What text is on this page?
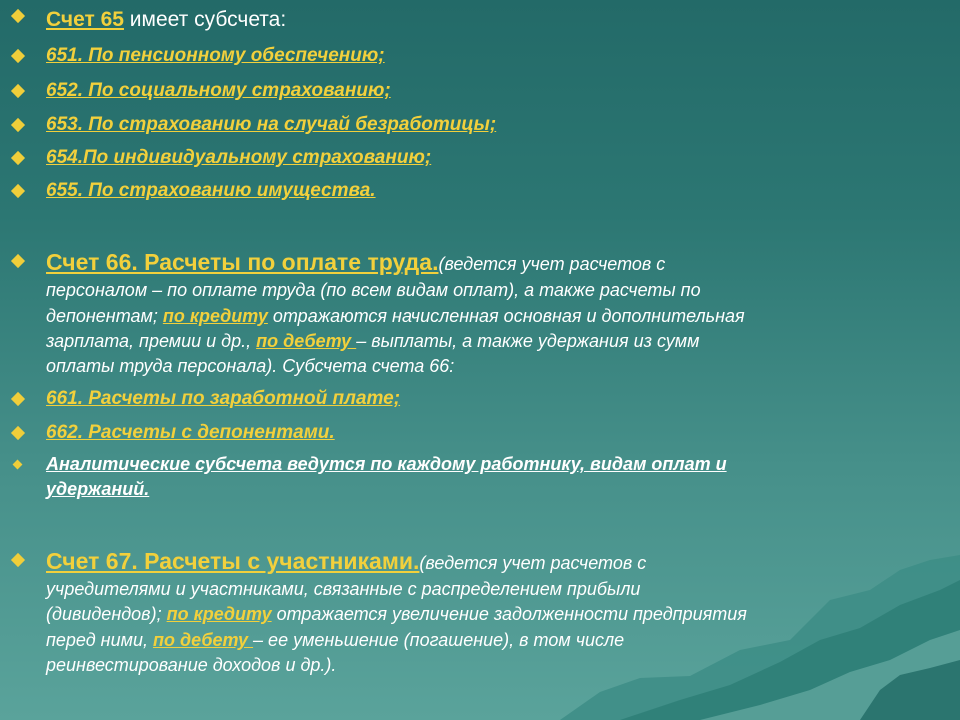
Счет 65 имеет субсчета:
651. По пенсионному обеспечению;
652. По социальному страхованию;
653. По страхованию на случай безработицы;
654.По индивидуальному страхованию;
655. По страхованию имущества.
Счет 66. Расчеты по оплате труда.(ведется учет расчетов с
персоналом – по оплате труда (по всем видам оплат), а также расчеты по
депонентам; по кредиту отражаются начисленная основная и дополнительная
зарплата, премии и др., по дебету – выплаты, а также удержания из сумм
оплаты труда персонала). Субсчета счета 66:
661. Расчеты по заработной плате;
662. Расчеты с депонентами.
Аналитические субсчета ведутся по каждому работнику, видам оплат и
удержаний.
Счет 67. Расчеты с участниками.(ведется учет расчетов с
учредителями и участниками, связанные с распределением прибыли
(дивидендов); по кредиту отражается увеличение задолженности предприятия
перед ними, по дебету – ее уменьшение (погашение), в том числе
реинвестирование доходов и др.).
